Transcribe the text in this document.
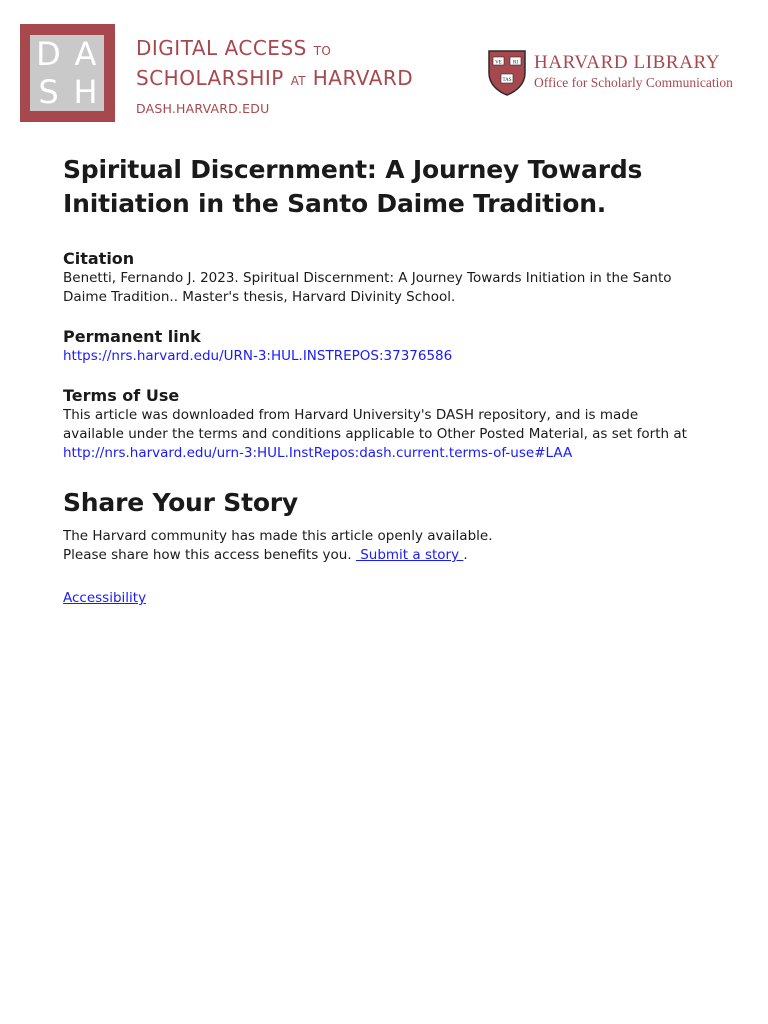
D A
S H
DIGITAL ACCESS TO
SCHOLARSHIP AT HARVARD
DASH.HARVARD.EDU
VE RI
TAS
HARVARD LIBRARY
Office for Scholarly Communication
Spiritual Discernment: A Journey Towards Initiation in the Santo Daime Tradition.
Citation

Benetti, Fernando J. 2023. Spiritual Discernment: A Journey Towards Initiation in the Santo Daime Tradition.. Master's thesis, Harvard Divinity School.

Permanent link

https://nrs.harvard.edu/URN-3:HUL.INSTREPOS:37376586

Terms of Use

This article was downloaded from Harvard University's DASH repository, and is made available under the terms and conditions applicable to Other Posted Material, as set forth at http://nrs.harvard.edu/urn-3:HUL.InstRepos:dash.current.terms-of-use#LAA

Share Your Story

The Harvard community has made this article openly available.

Please share how this access benefits you.  Submit a story .

Accessibility
